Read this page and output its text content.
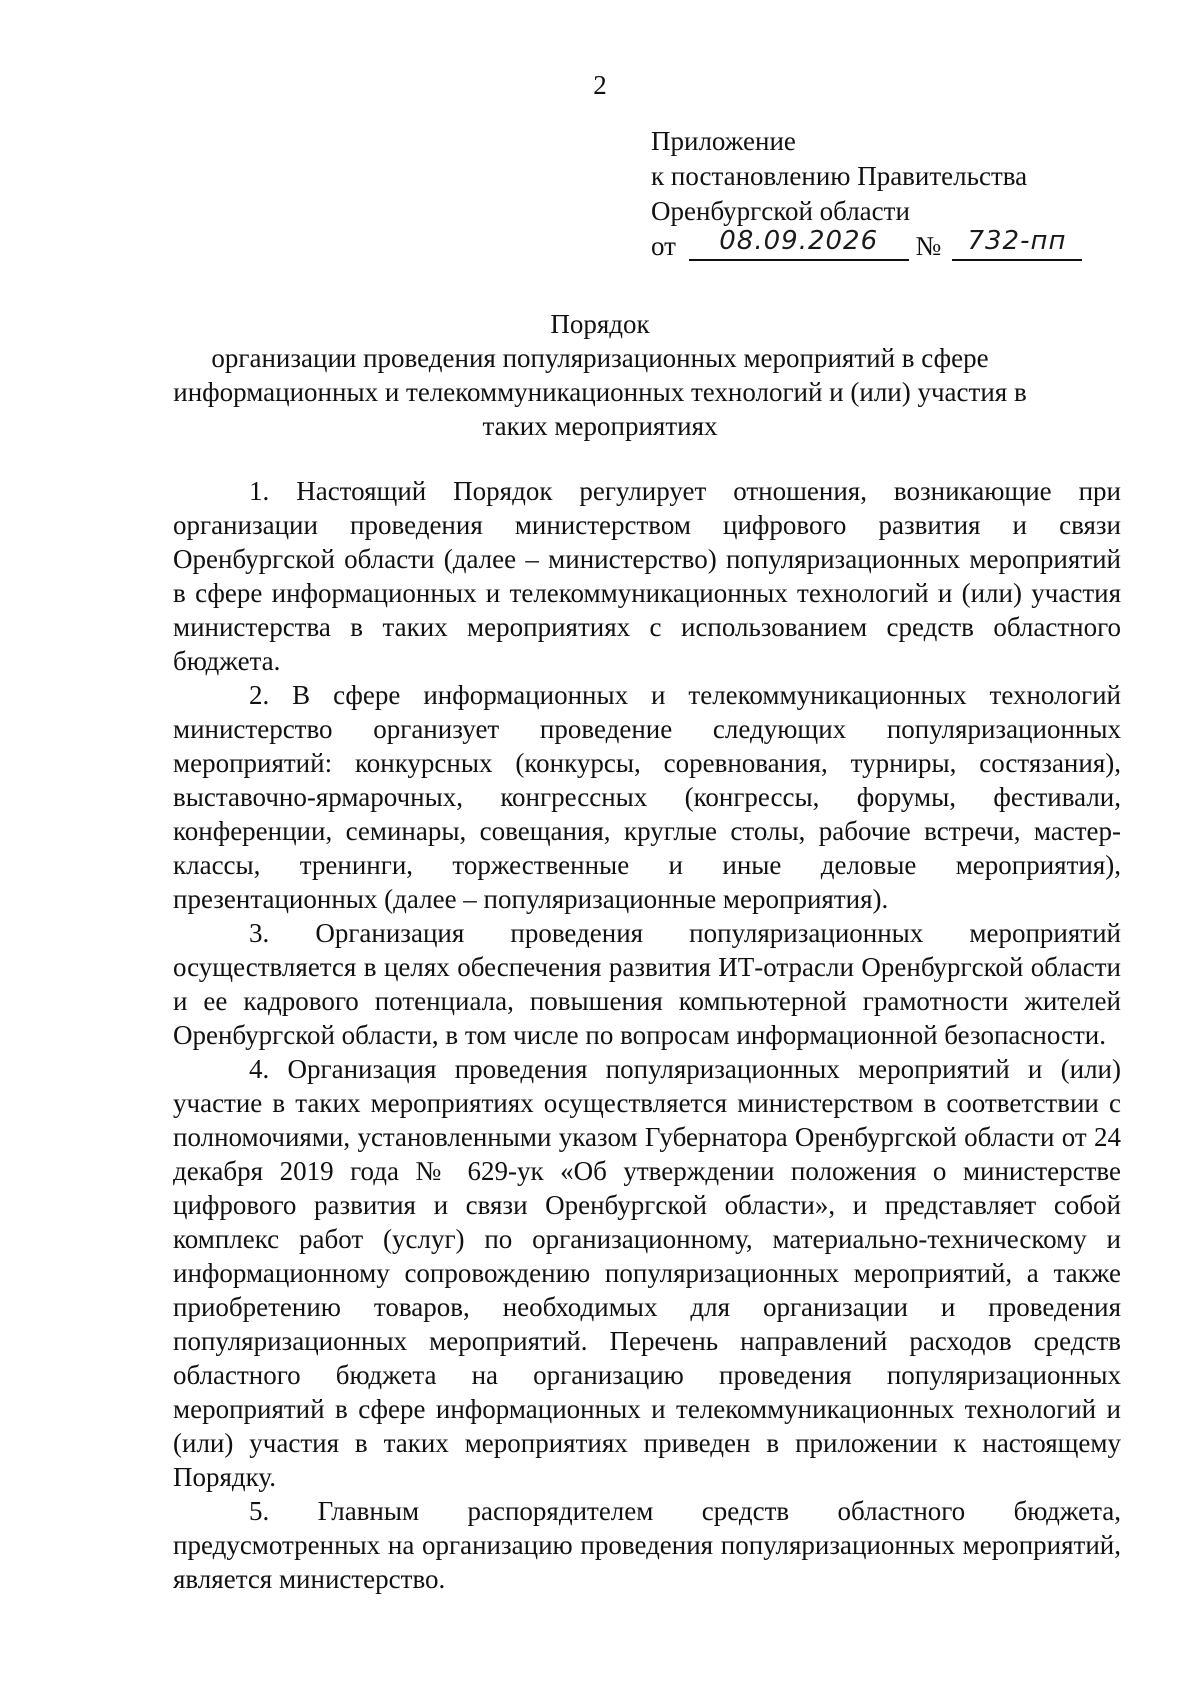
2
Приложение
к постановлению Правительства
Оренбургской области
от 08.09.2026 № 732-пп
Порядок
организации проведения популяризационных мероприятий в сфере
информационных и телекоммуникационных технологий и (или) участия в
таких мероприятиях

1. Настоящий Порядок регулирует отношения, возникающие при организации проведения министерством цифрового развития и связи Оренбургской области (далее – министерство) популяризационных мероприятий в сфере информационных и телекоммуникационных технологий и (или) участия министерства в таких мероприятиях с использованием средств областного бюджета.

2. В сфере информационных и телекоммуникационных технологий министерство организует проведение следующих популяризационных мероприятий: конкурсных (конкурсы, соревнования, турниры, состязания), выставочно-ярмарочных, конгрессных (конгрессы, форумы, фестивали, конференции, семинары, совещания, круглые столы, рабочие встречи, мастер-классы, тренинги, торжественные и иные деловые мероприятия), презентационных (далее – популяризационные мероприятия).

3. Организация проведения популяризационных мероприятий осуществляется в целях обеспечения развития ИТ-отрасли Оренбургской области и ее кадрового потенциала, повышения компьютерной грамотности жителей Оренбургской области, в том числе по вопросам информационной безопасности.

4. Организация проведения популяризационных мероприятий и (или) участие в таких мероприятиях осуществляется министерством в соответствии с полномочиями, установленными указом Губернатора Оренбургской области от 24 декабря 2019 года № 629-ук «Об утверждении положения о министерстве цифрового развития и связи Оренбургской области», и представляет собой комплекс работ (услуг) по организационному, материально-техническому и информационному сопровождению популяризационных мероприятий, а также приобретению товаров, необходимых для организации и проведения популяризационных мероприятий. Перечень направлений расходов средств областного бюджета на организацию проведения популяризационных мероприятий в сфере информационных и телекоммуникационных технологий и (или) участия в таких мероприятиях приведен в приложении к настоящему Порядку.

5. Главным распорядителем средств областного бюджета, предусмотренных на организацию проведения популяризационных мероприятий, является министерство.
